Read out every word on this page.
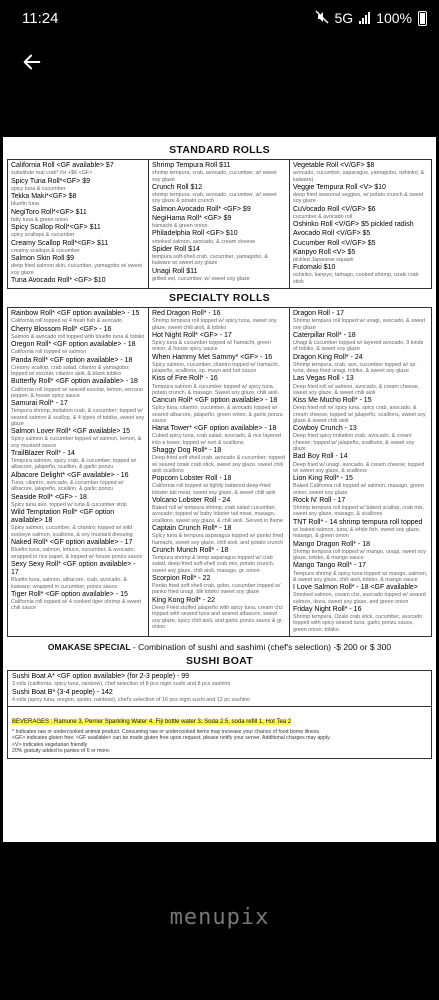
11:24	5G 100%
STANDARD ROLLS
California Roll <GF available> $7
substitute real crab* for +$6 <GF>
Spicy Tuna Roll*<GF> $9
spicy tuna & cucumber
Tekka Maki*<GF> $8
bluefin tuna
NegiToro Roll*<GF> $11
fatty tuna & green onion
Spicy Scallop Roll*<GF> $11
spicy scallops & cucumber
Creamy Scallop Roll*<GF> $11
creamy scallops & cucumber
Salmon Skin Roll $9
deep fried salmon skin, cucumber, yamagobo w/ sweet soy glaze
Tuna Avocado Roll* <GF> $10
Shrimp Tempura Roll $11
shrimp tempura, crab, avocado, cucumber, w/ sweet soy glaze
Crunch Roll $12
shrimp tempura, crab, avocado, cucumber, w/ sweet soy glaze & potato crunch
Salmon Avocado Roll* <GF> $9
NegiHama Roll* <GF> $9
hamachi & green onion
Philadelphia Roll <GF> $10
smoked salmon, avocado, & cream cheese
Spider Roll $14
tempura soft-shell crab, cucumber, yamagobo, & kaiware w/ sweet soy glaze
Unagi Roll $11
grilled eel, cucumber, w/ sweet soy glaze
Vegetable Roll <V/GF> $8
avocado, cucumber, asparagus, yamagobo, oshinko, & kaiware)
Veggie Tempura Roll <V> $10
deep fried seasonal veggies, w/ potato crunch & sweet soy glaze
CuVocado Roll <V/GF> $6
cucumber & avocado roll
Oshinko Roll <V/GF> $5 pickled radish
Avocado Roll <V/GF> $5
Cucumber Roll <V/GF> $5
Kanpyo Roll <V> $5
pickled Japanese squash
Futomaki $10
oshinko, kanpyo, tamago, cooked shrimp, ozaki crab stick
SPECIALTY ROLLS
Rainbow Roll* <GF option available> - 15
California roll topped w/ 4 fresh fish & avocado
Cherry Blossom Roll* <GF> - 16
Salmon & avocado roll topped with bluefin tuna & tobiko
Oregon Roll* <GF option available> - 18
California roll topped w/ salmon
Panda Roll* <GF option available> - 18
Creamy scallop, crab salad, cilantro & yamagobo; topped w/ escolar, cilantro aioli, & black tobiko
Butterfly Roll* <GF option available> - 18
California roll topped w/ seared escolar, lemon, serrano pepper, & house spicy sauce
Samurai Roll* - 17
Tempura shrimp, imitation crab, & cucumber; topped w/ seared salmon & scallop, & 4 types of tobiko, sweet soy glaze
Salmon Lover Roll* <GF available> 15
Spicy salmon & cucumber topped w/ salmon, lemon, & soy mustard sauce
TrailBlazer Roll* - 14
Tempura salmon, spicy crab, & cucumber; topped w/ albacore, jalapeño, scallion, & garlic ponzu
Albacore Delight* <GF available> - 16
Tuna, cilantro, avocado, & cucumber topped w/ albacore, jalapeño, scallion, & garlic ponzu
Seaside Roll* <GF> - 18
Spicy tuna avo. topped w/ tuna & cucumber strip
Wild Temptation Roll* <GF option available> 18
Spicy salmon, cucumber, & cilantro; topped w/ wild sockeye salmon, scallions, & soy mustard dressing
Naked Roll* <GF option available> - 17
Bluefin tuna, salmon, lettuce, cucumber, & avocado; wrapped in rice paper, & topped w/ house ponzu sauce
Sexy Sexy Roll* <GF option available> - 17
Bluefin tuna, salmon, albacore, crab, avocado, & kaiware; wrapped in cucumber, ponzu sauce
Tiger Roll* <GF option available> - 15
California roll topped w/ 4 cooked tiger shrimp & sweet chili sauce
Red Dragon Roll* - 16
Shrimp tempura roll topped w/ spicy tuna, sweet soy glaze, sweet chili aioli, & tobiko
Hot Night Roll* <GF> - 17
Spicy tuna & cucumber topped w/ hamachi, green onion, & house spicy sauce
When Hammy Met Sammy* <GF> - 16
Spicy salmon, cucumber, cilantro topped w/ hamachi, jalapeño, scallions, sp. mayo and hot sauce
Kiss of Fire Roll* - 16
Tempura salmon & cucumber topped w/ spicy tuna, potato crunch, & masago. Sweet soy glaze, chili aioli.
Cancun Roll* <GF option available> - 18
Spicy tuna, cilantro, cucumber, & avocado topped w/ seared albacore, jalapeño, green onion, & garlic ponzu sauce
Hana Tower* <GF option available> - 18
Cubed spicy tuna, crab salad, avocado, & rice layered into a tower, topped w/ nori & scallions
Shaggy Dog Roll* - 18
Deep-fried soft shell crab, avocado & cucumber; topped w/ seared ozaki crab stick, sweet soy glaze, sweet chili aioli scallions
Popcorn Lobster Roll - 18
California roll topped w/ lightly battered deep-fried lobster tail meat, sweet soy glaze, & sweet chili aioli
Volcano Lobster Roll - 24
Baked roll w/ tempura shrimp, crab salad cucumber, avocado; topped w/ baby lobster tail meat, masago, scallions, sweet soy glaze, & chili aioli. Served in flame
Captain Crunch Roll* - 18
Spicy tuna & tempura asparagus topped w/ panko fried hamachi, sweet soy glaze, chili aioli, and potato crunch
Crunch Munch Roll* - 18
Tempura shrimp & temp asparagus topped w/ crab salad, deep-fried soft-shell crab mix, potato crunch, sweet soy glaze, chili aioli, masago, gr. onion
Scorpion Roll* - 22
Panko fried soft shell crab, gobo, cucumber topped w/ panko fried unagi, blk tobiko sweet soy glaze
King Kong Roll* - 22
Deep Fried stuffed jalapeño with spicy tuna, cream chz topped with seared tuna and seared albacore, sweet soy glaze, spicy chili aioli, and garlic ponzu sauce & gr. onion
Dragon Roll - 17
Shrimp tempura roll topped w/ unagi, avocado, & sweet soy glaze
Caterpillar Roll* - 18
Unagi & cucumber topped w/ layered avocado, 3 kinds of tobiko, & sweet soy glaze
Dragon King Roll* - 24
Shrimp tempura, crab, avo, cucumber topped w/ sp. tuna, deep fried unagi, tobiko, & sweet soy glaze
Las Vegas Roll - 13
Deep fried roll w/ salmon, avocado, & cream cheese, sweet soy glaze, & sweet chili aioli
Kiss Me Mucho Roll* - 15
Deep fried roll w/ spicy tuna, spicy crab, avocado, & cream cheese; topped w/ jalapeño, scallions, sweet soy glaze & sweet chili aioli
Cowboy Crunch - 13
Deep fried spicy imitation crab, avocado, & cream cheese; topped w/ jalapeño, scallions, & sweet soy glaze
Bad Boy Roll - 14
Deep fried w/ unagi, avocado, & cream cheese; topped w/ sweet soy glaze, & scallions
Lion King Roll* - 15
Baked California roll topped w/ salmon, masago, green onion, sweet soy glaze
Rock N' Roll - 17
Shrimp tempura roll topped w/ baked scallop, crab mix, sweet soy glaze, masago, & scallions
TNT Roll* - 14 shrimp tempura roll topped
w/ baked salmon, tuna, & white fish, sweet soy glaze, masago, & green onion
Mango Dragon Roll* - 18
Shrimp tempura roll topped w/ mango, unagi, sweet soy glaze, tobiko, & mango sauce
Mango Tango Roll* - 17
Tempura shrimp & spicy tuna topped w/ mango, salmon, & sweet soy glaze, chili aioli, tobiko, & mango sauce
I Love Salmon Roll* - 18 <GF available>
Smoked salmon, cream chz, avocado topped w/ seared salmon, ikura, sweet soy glaze, and green onion
Friday Night Roll* - 16
Shrimp tempura, Ozaki crab stick, cucumber, avocado topped with spicy seared tuna, garlic ponzu sauce, green onion, tobiko
OMAKASE SPECIAL - Combination of sushi and sashimi (chef's selection) -$ 200 or $ 300
SUSHI BOAT
Sushi Boat A* <GF option available> (for 2-3 people) - 99
3 rolls (california, spicy tuna, rainbow), chef selection of 8 pcs nigiri sushi and 8 pcs sashimi
Sushi Boat B* (3-4 people) - 142
4 rolls (spicy tuna, oregon, spider, rainbow), chef's selection of 16 pcs nigiri sushi and 12 pc sashimi
BEVERAGES : Ramune 3, Perrier Sparkling Water 4, Fiji bottle water 3, Soda 2.5, soda refill 1, Hot Tea 2
* Indicates raw or undercooked animal product. Consuming raw or undercooked items may increase your chance of food borne illness.
<GF> indicates gluten free; <GF available> can be made gluten free upon request, please notify your server. Additional charges may apply.
<V> indicates vegetarian friendly
20% gratuity added to parties of 6 or more.
menupix
